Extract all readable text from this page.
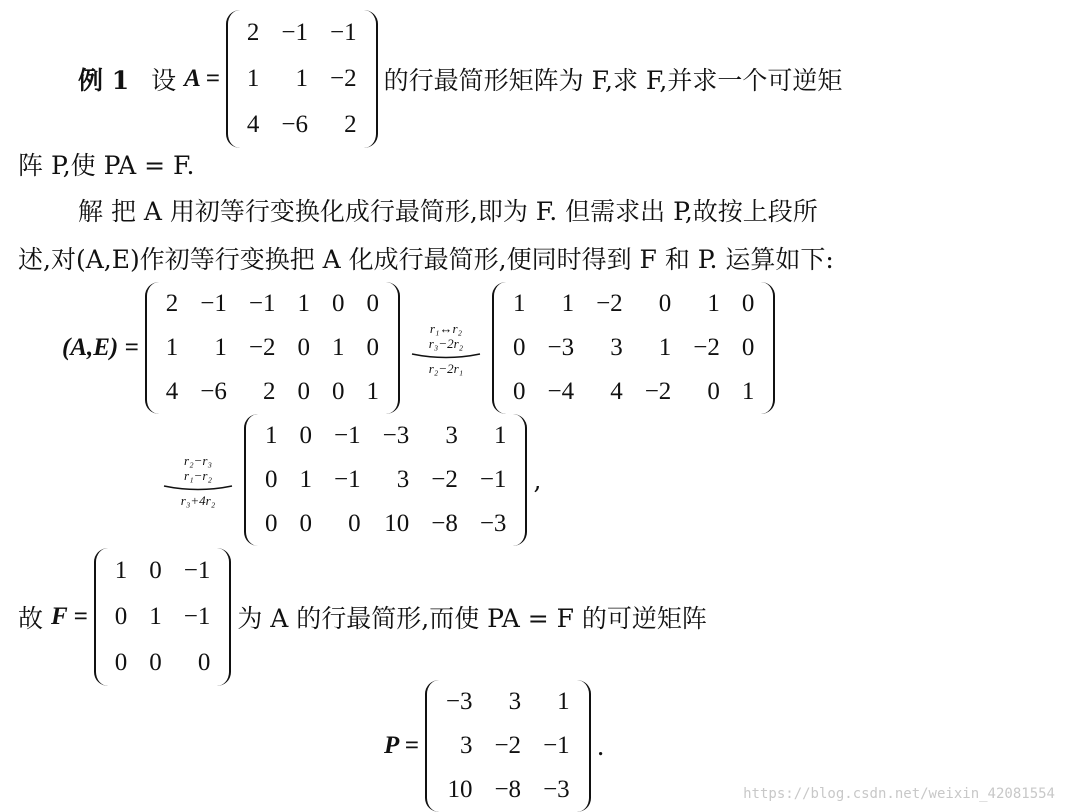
例 1 设 A =
2	−1	−1
1	1	−2
4	−6	2
的行最简形矩阵为 F,求 F,并求一个可逆矩
阵 P,使 PA = F.
解 把 A 用初等行变换化成行最简形,即为 F. 但需求出 P,故按上段所
述,对(A,E)作初等行变换把 A 化成行最简形,便同时得到 F 和 P. 运算如下:
(A,E) =
2	−1	−1	1	0	0
1	1	−2	0	1	0
4	−6	2	0	0	1
r₁↔r₂
r₃−2r₂
r₂−2r₁
1	1	−2	0	1	0
0	−3	3	1	−2	0
0	−4	4	−2	0	1
r₂−r₃
r₁−r₂
r₃+4r₂
1	0	−1	−3	3	1
0	1	−1	3	−2	−1
0	0	0	10	−8	−3
,
故 F =
1	0	−1
0	1	−1
0	0	0
为 A 的行最简形,而使 PA = F 的可逆矩阵
P =
−3	3	1
3	−2	−1
10	−8	−3
.
https://blog.csdn.net/weixin_42081554
